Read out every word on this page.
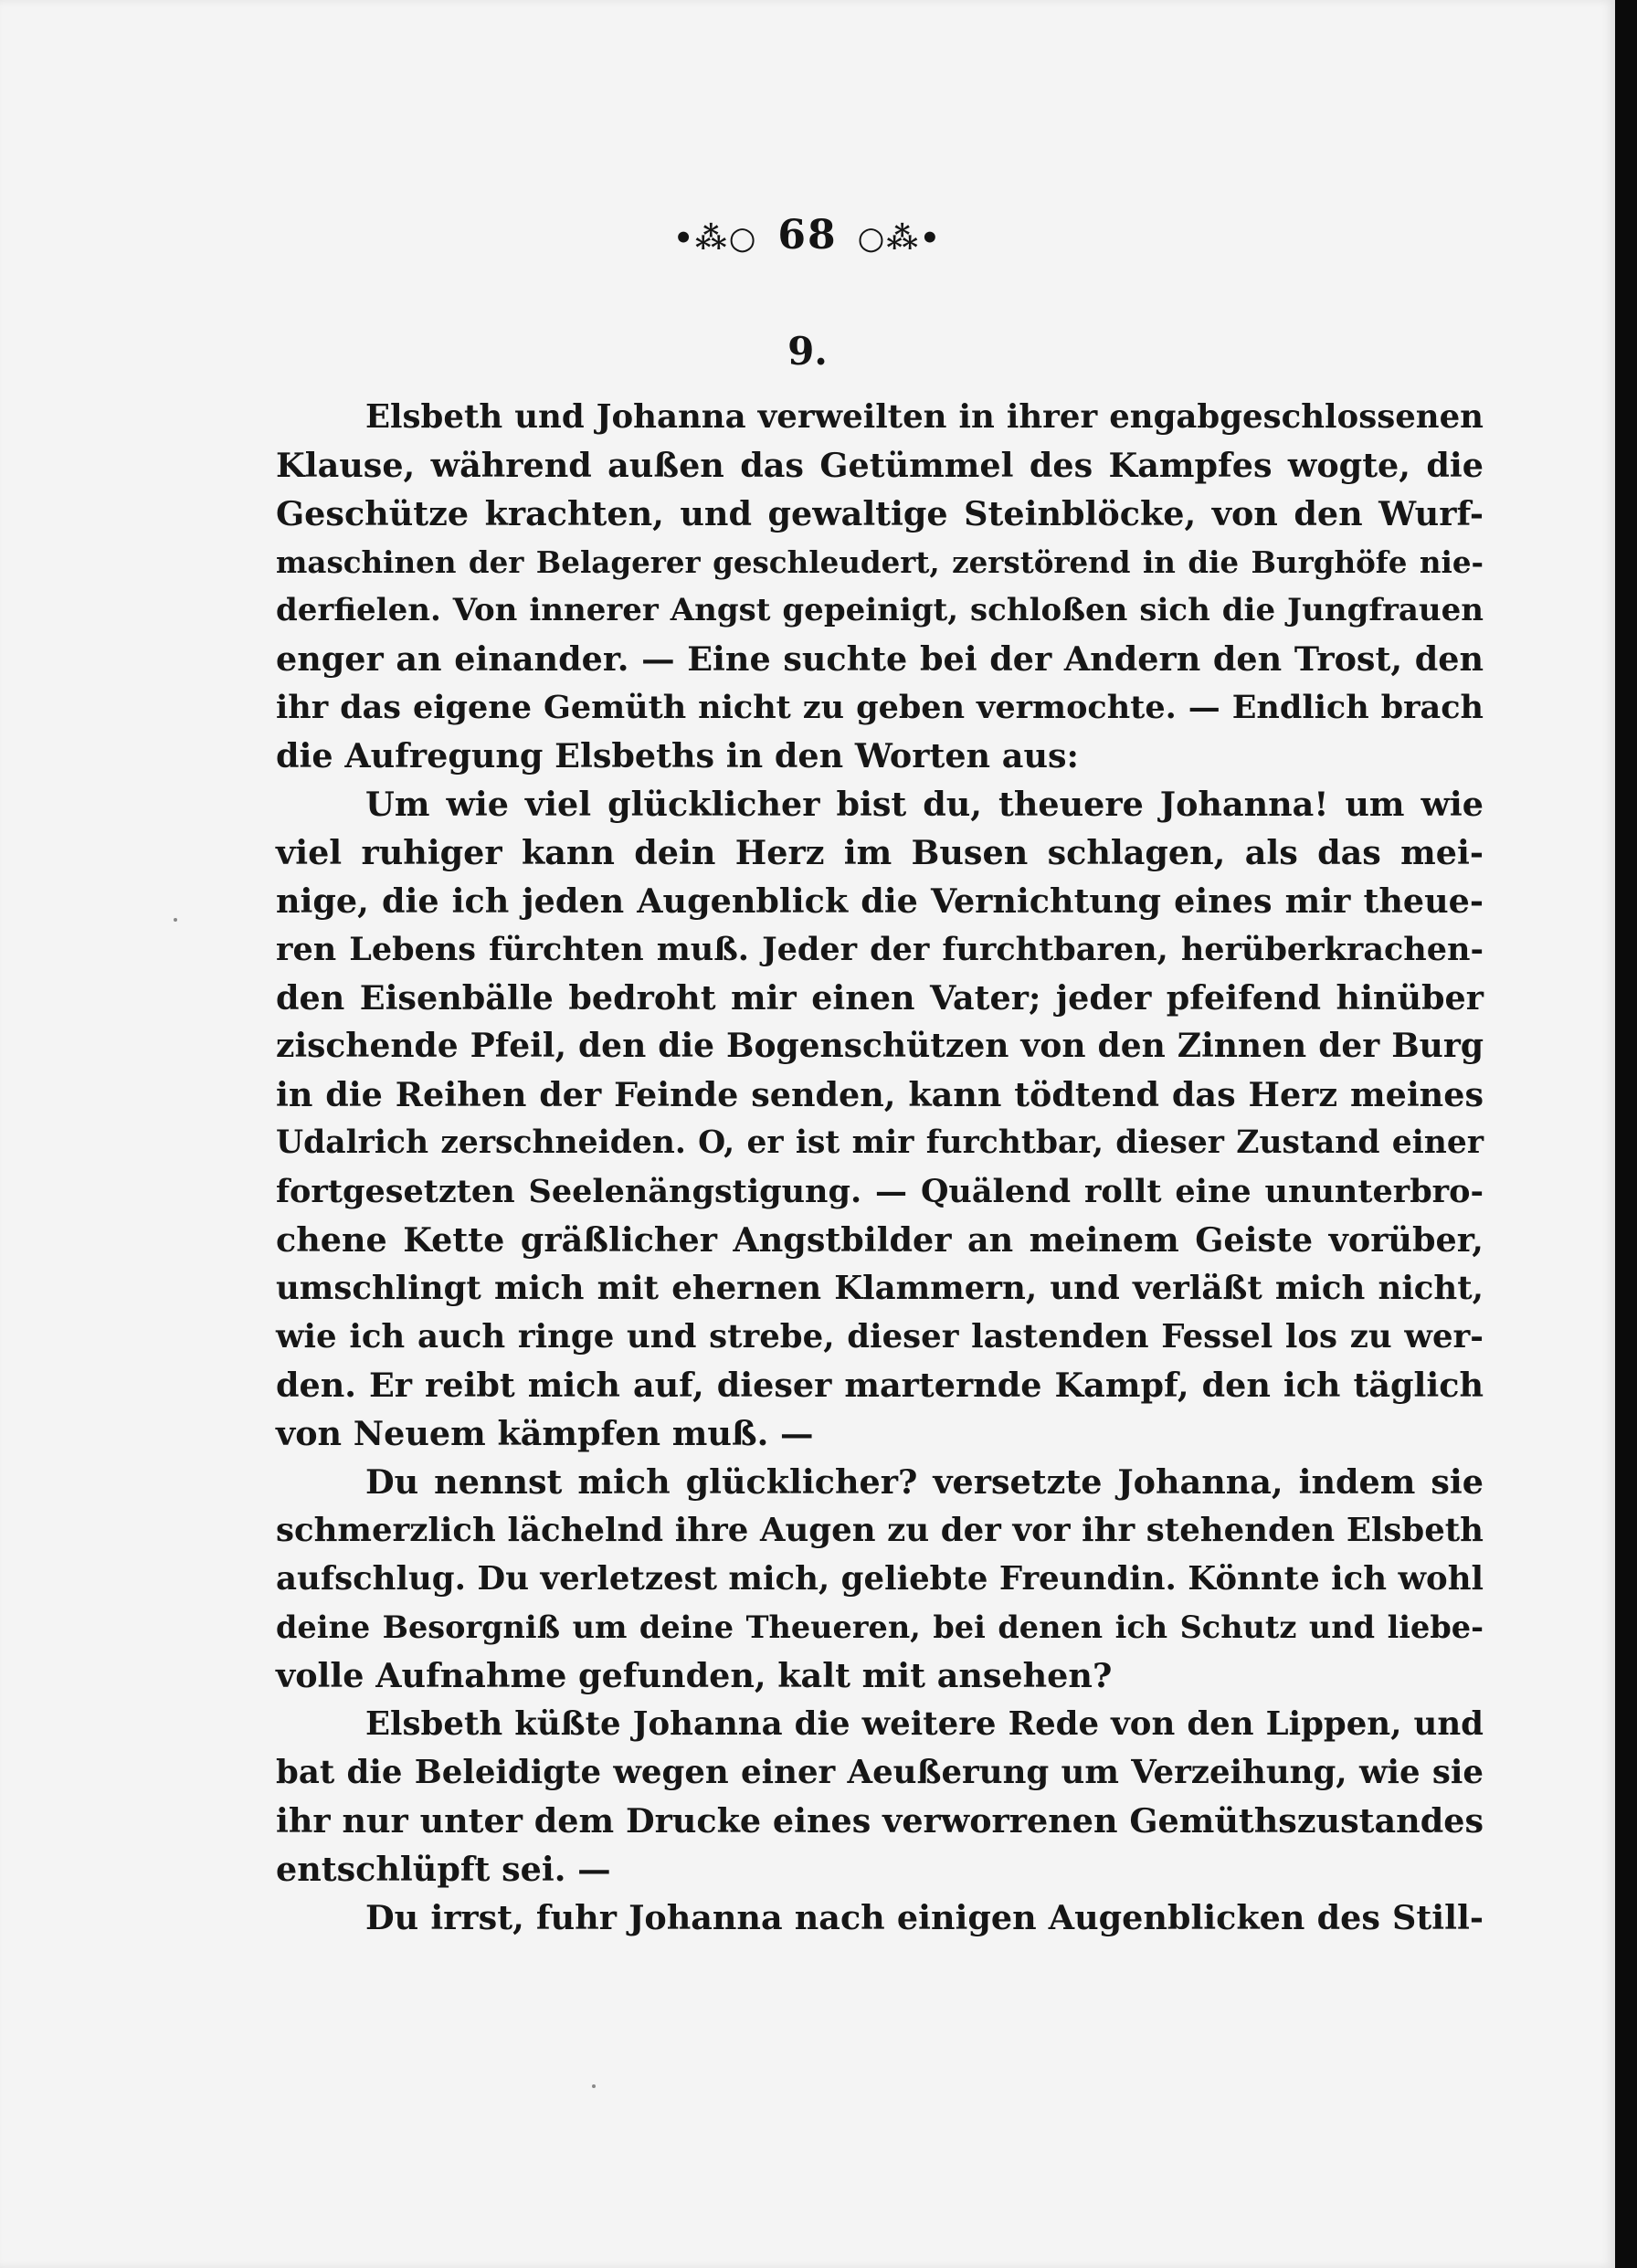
•⁂○ 68 ○⁂•
9.
Elsbeth und Johanna verweilten in ihrer engabgeschlossenen
Klause, während außen das Getümmel des Kampfes wogte, die
Geschütze krachten, und gewaltige Steinblöcke, von den Wurf-
maschinen der Belagerer geschleudert, zerstörend in die Burghöfe nie-
derfielen. Von innerer Angst gepeinigt, schloßen sich die Jungfrauen
enger an einander. — Eine suchte bei der Andern den Trost, den
ihr das eigene Gemüth nicht zu geben vermochte. — Endlich brach
die Aufregung Elsbeths in den Worten aus:
Um wie viel glücklicher bist du, theuere Johanna! um wie
viel ruhiger kann dein Herz im Busen schlagen, als das mei-
nige, die ich jeden Augenblick die Vernichtung eines mir theue-
ren Lebens fürchten muß. Jeder der furchtbaren, herüberkrachen-
den Eisenbälle bedroht mir einen Vater; jeder pfeifend hinüber
zischende Pfeil, den die Bogenschützen von den Zinnen der Burg
in die Reihen der Feinde senden, kann tödtend das Herz meines
Udalrich zerschneiden. O, er ist mir furchtbar, dieser Zustand einer
fortgesetzten Seelenängstigung. — Quälend rollt eine ununterbro-
chene Kette gräßlicher Angstbilder an meinem Geiste vorüber,
umschlingt mich mit ehernen Klammern, und verläßt mich nicht,
wie ich auch ringe und strebe, dieser lastenden Fessel los zu wer-
den. Er reibt mich auf, dieser marternde Kampf, den ich täglich
von Neuem kämpfen muß. —
Du nennst mich glücklicher? versetzte Johanna, indem sie
schmerzlich lächelnd ihre Augen zu der vor ihr stehenden Elsbeth
aufschlug. Du verletzest mich, geliebte Freundin. Könnte ich wohl
deine Besorgniß um deine Theueren, bei denen ich Schutz und liebe-
volle Aufnahme gefunden, kalt mit ansehen?
Elsbeth küßte Johanna die weitere Rede von den Lippen, und
bat die Beleidigte wegen einer Aeußerung um Verzeihung, wie sie
ihr nur unter dem Drucke eines verworrenen Gemüthszustandes
entschlüpft sei. —
Du irrst, fuhr Johanna nach einigen Augenblicken des Still-
